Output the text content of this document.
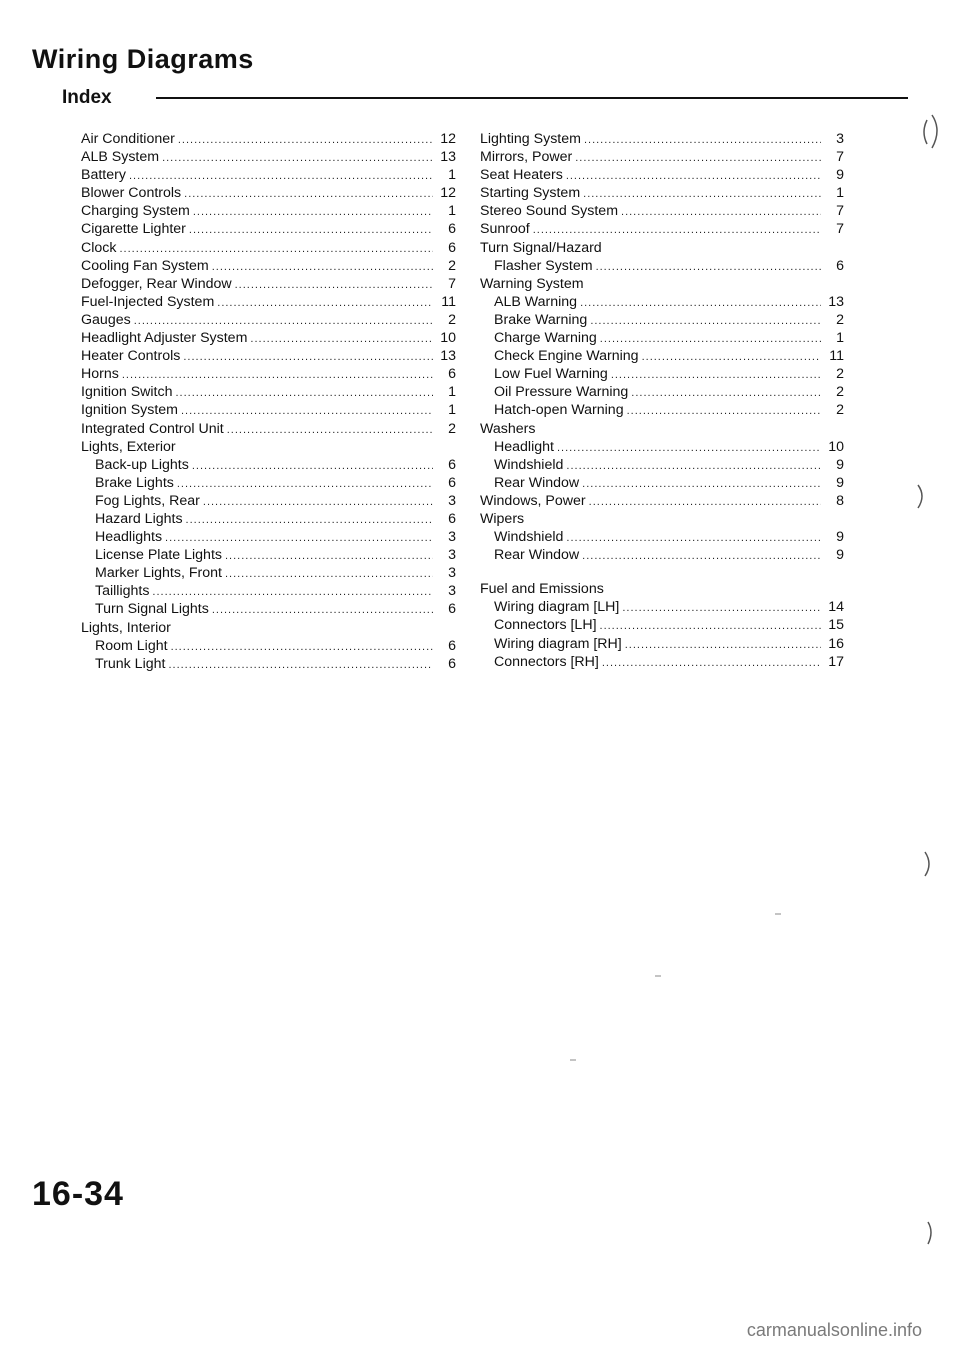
Wiring Diagrams
Index
Air Conditioner .....	12
ALB System .....	13
Battery .....	1
Blower Controls .....	12
Charging System .....	1
Cigarette Lighter .....	6
Clock .....	6
Cooling Fan System .....	2
Defogger, Rear Window .....	7
Fuel-Injected System .....	11
Gauges .....	2
Headlight Adjuster System .....	10
Heater Controls .....	13
Horns .....	6
Ignition Switch .....	1
Ignition System .....	1
Integrated Control Unit .....	2
Lights, Exterior
Back-up Lights .....	6
Brake Lights .....	6
Fog Lights, Rear .....	3
Hazard Lights .....	6
Headlights .....	3
License Plate Lights .....	3
Marker Lights, Front .....	3
Taillights .....	3
Turn Signal Lights .....	6
Lights, Interior
Room Light .....	6
Trunk Light .....	6
Lighting System .....	3
Mirrors, Power .....	7
Seat Heaters .....	9
Starting System .....	1
Stereo Sound System .....	7
Sunroof .....	7
Turn Signal/Hazard
Flasher System .....	6
Warning System
ALB Warning .....	13
Brake Warning .....	2
Charge Warning .....	1
Check Engine Warning .....	11
Low Fuel Warning .....	2
Oil Pressure Warning .....	2
Hatch-open Warning .....	2
Washers
Headlight .....	10
Windshield .....	9
Rear Window .....	9
Windows, Power .....	8
Wipers
Windshield .....	9
Rear Window .....	9
Fuel and Emissions
Wiring diagram [LH] .....	14
Connectors [LH] .....	15
Wiring diagram [RH] .....	16
Connectors [RH] .....	17
16-34
carmanualsonline.info
